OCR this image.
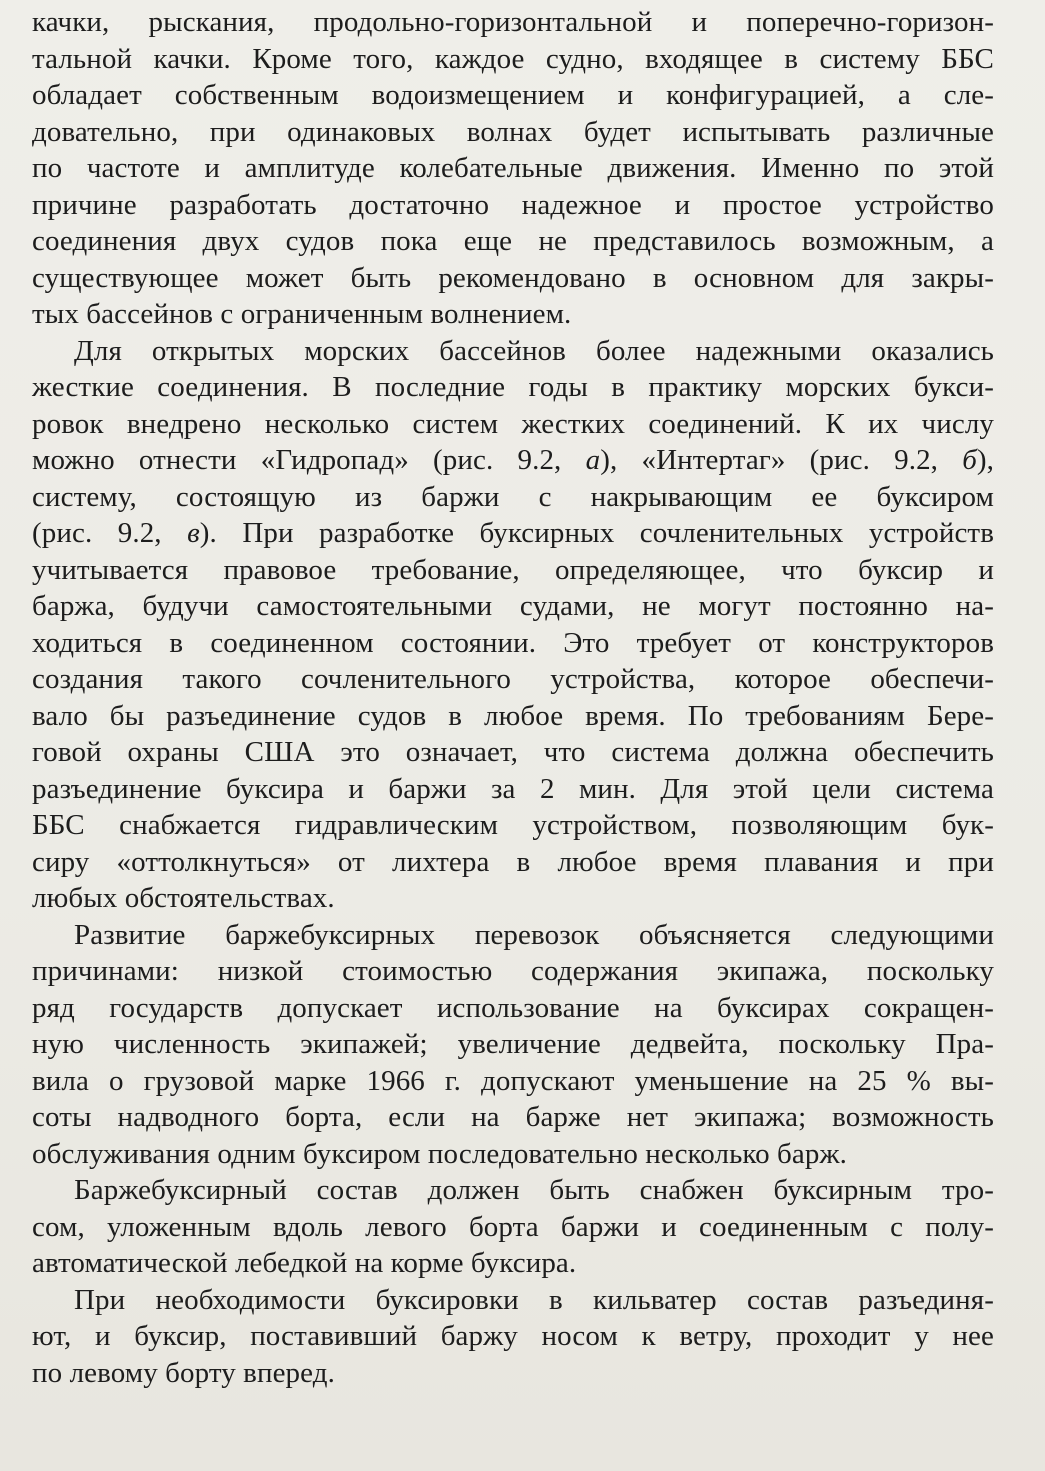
качки, рыскания, продольно-горизонтальной и поперечно-горизон-
тальной качки. Кроме того, каждое судно, входящее в систему ББС
обладает собственным водоизмещением и конфигурацией, а сле-
довательно, при одинаковых волнах будет испытывать различные
по частоте и амплитуде колебательные движения. Именно по этой
причине разработать достаточно надежное и простое устройство
соединения двух судов пока еще не представилось возможным, а
существующее может быть рекомендовано в основном для закры-
тых бассейнов с ограниченным волнением.

Для открытых морских бассейнов более надежными оказались
жесткие соединения. В последние годы в практику морских букси-
ровок внедрено несколько систем жестких соединений. К их числу
можно отнести «Гидропад» (рис. 9.2, а), «Интертаг» (рис. 9.2, б),
систему, состоящую из баржи с накрывающим ее буксиром
(рис. 9.2, в). При разработке буксирных сочленительных устройств
учитывается правовое требование, определяющее, что буксир и
баржа, будучи самостоятельными судами, не могут постоянно на-
ходиться в соединенном состоянии. Это требует от конструкторов
создания такого сочленительного устройства, которое обеспечи-
вало бы разъединение судов в любое время. По требованиям Бере-
говой охраны США это означает, что система должна обеспечить
разъединение буксира и баржи за 2 мин. Для этой цели система
ББС снабжается гидравлическим устройством, позволяющим бук-
сиру «оттолкнуться» от лихтера в любое время плавания и при
любых обстоятельствах.

Развитие баржебуксирных перевозок объясняется следующими
причинами: низкой стоимостью содержания экипажа, поскольку
ряд государств допускает использование на буксирах сокращен-
ную численность экипажей; увеличение дедвейта, поскольку Пра-
вила о грузовой марке 1966 г. допускают уменьшение на 25 % вы-
соты надводного борта, если на барже нет экипажа; возможность
обслуживания одним буксиром последовательно несколько барж.

Баржебуксирный состав должен быть снабжен буксирным тро-
сом, уложенным вдоль левого борта баржи и соединенным с полу-
автоматической лебедкой на корме буксира.

При необходимости буксировки в кильватер состав разъединя-
ют, и буксир, поставивший баржу носом к ветру, проходит у нее
по левому борту вперед.
